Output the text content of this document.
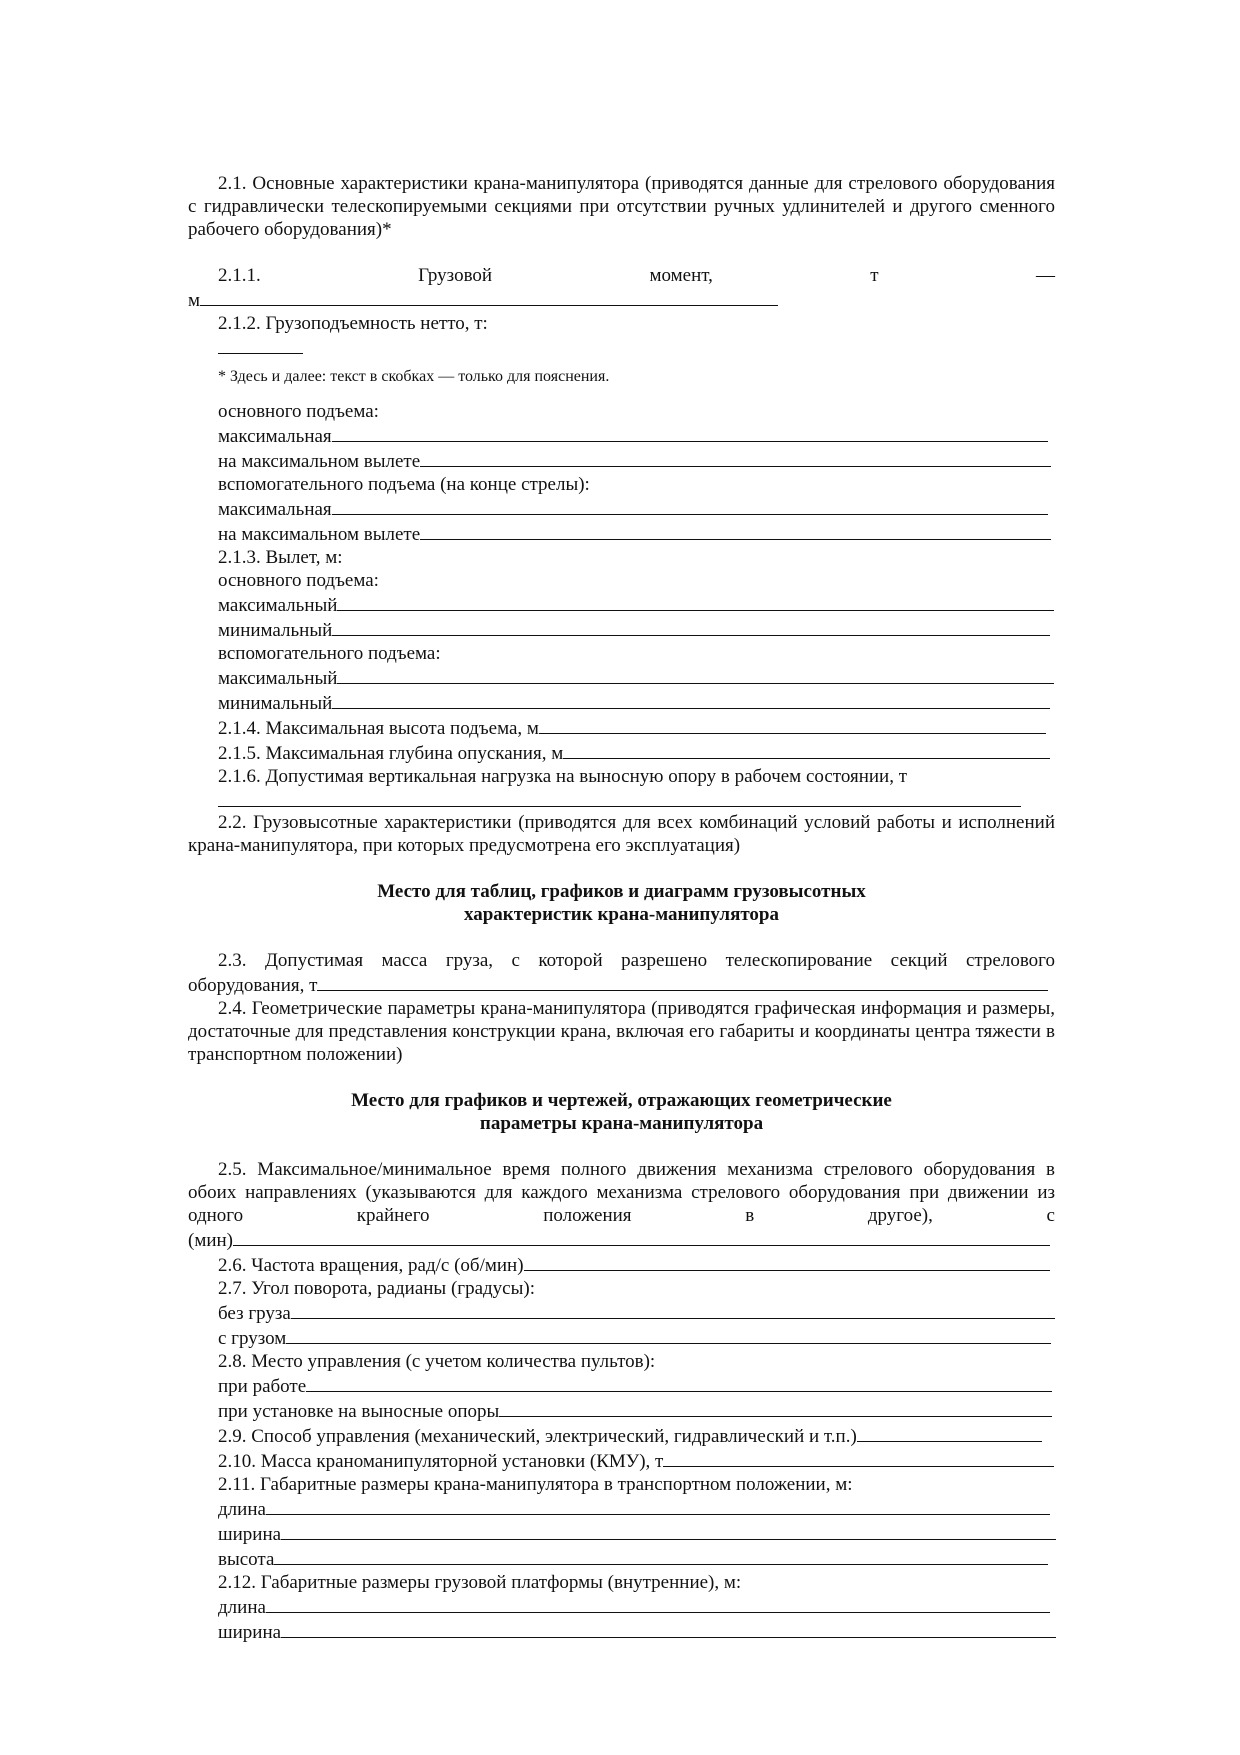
2.1. Основные характеристики крана-манипулятора (приводятся данные для стрелового оборудования с гидравлически телескопируемыми секциями при отсутствии ручных удлинителей и другого сменного рабочего оборудования)*

2.1.1.	Грузовой	момент,	т	—
м
2.1.2. Грузоподъемность нетто, т:
* Здесь и далее: текст в скобках — только для пояснения.
основного подъема:
максимальная
на максимальном вылете
вспомогательного подъема (на конце стрелы):
максимальная
на максимальном вылете
2.1.3. Вылет, м:
основного подъема:
максимальный
минимальный
вспомогательного подъема:
максимальный
минимальный
2.1.4. Максимальная высота подъема, м
2.1.5. Максимальная глубина опускания, м
2.1.6. Допустимая вертикальная нагрузка на выносную опору в рабочем состоянии, т

2.2. Грузовысотные характеристики (приводятся для всех комбинаций условий работы и исполнений крана-манипулятора, при которых предусмотрена его эксплуатация)

Место для таблиц, графиков и диаграмм грузовысотных
характеристик крана-манипулятора
2.3. Допустимая масса груза, с которой разрешено телескопирование секций стрелового
оборудования, т

2.4. Геометрические параметры крана-манипулятора (приводятся графическая информация и размеры, достаточные для представления конструкции крана, включая его габариты и координаты центра тяжести в транспортном положении)

Место для графиков и чертежей, отражающих геометрические
параметры крана-манипулятора

2.5. Максимальное/минимальное время полного движения механизма стрелового оборудования в обоих направлениях (указываются для каждого механизма стрелового оборудования при движении из одного крайнего положения в другое), с

(мин)
2.6. Частота вращения, рад/с (об/мин)
2.7. Угол поворота, радианы (градусы):
без груза
с грузом
2.8. Место управления (с учетом количества пультов):
при работе
при установке на выносные опоры
2.9. Способ управления (механический, электрический, гидравлический и т.п.)
2.10. Масса краноманипуляторной установки (КМУ), т
2.11. Габаритные размеры крана-манипулятора в транспортном положении, м:
длина
ширина
высота
2.12. Габаритные размеры грузовой платформы (внутренние), м:
длина
ширина
